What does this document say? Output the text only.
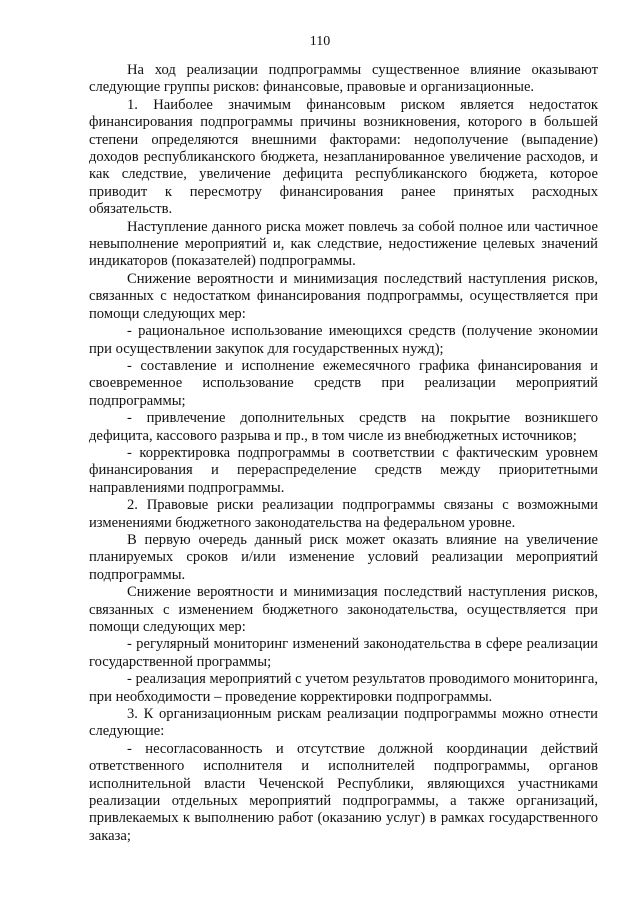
110

На ход реализации подпрограммы существенное влияние оказывают следующие группы рисков: финансовые, правовые и организационные.

1. Наиболее значимым финансовым риском является недостаток финансирования подпрограммы причины возникновения, которого в большей степени определяются внешними факторами: недополучение (выпадение) доходов республиканского бюджета, незапланированное увеличение расходов, и как следствие, увеличение дефицита республиканского бюджета, которое приводит к пересмотру финансирования ранее принятых расходных обязательств.

Наступление данного риска может повлечь за собой полное или частичное невыполнение мероприятий и, как следствие, недостижение целевых значений индикаторов (показателей) подпрограммы.

Снижение вероятности и минимизация последствий наступления рисков, связанных с недостатком финансирования подпрограммы, осуществляется при помощи следующих мер:

- рациональное использование имеющихся средств (получение экономии при осуществлении закупок для государственных нужд);

- составление и исполнение ежемесячного графика финансирования и своевременное использование средств при реализации мероприятий подпрограммы;

- привлечение дополнительных средств на покрытие возникшего дефицита, кассового разрыва и пр., в том числе из внебюджетных источников;

- корректировка подпрограммы в соответствии с фактическим уровнем финансирования и перераспределение средств между приоритетными направлениями подпрограммы.

2. Правовые риски реализации подпрограммы связаны с возможными изменениями бюджетного законодательства на федеральном уровне.

В первую очередь данный риск может оказать влияние на увеличение планируемых сроков и/или изменение условий реализации мероприятий подпрограммы.

Снижение вероятности и минимизация последствий наступления рисков, связанных с изменением бюджетного законодательства, осуществляется при помощи следующих мер:

- регулярный мониторинг изменений законодательства в сфере реализации государственной программы;

- реализация мероприятий с учетом результатов проводимого мониторинга, при необходимости – проведение корректировки подпрограммы.

3. К организационным рискам реализации подпрограммы можно отнести следующие:

- несогласованность и отсутствие должной координации действий ответственного исполнителя и исполнителей подпрограммы, органов исполнительной власти Чеченской Республики, являющихся участниками реализации отдельных мероприятий подпрограммы, а также организаций, привлекаемых к выполнению работ (оказанию услуг) в рамках государственного заказа;
